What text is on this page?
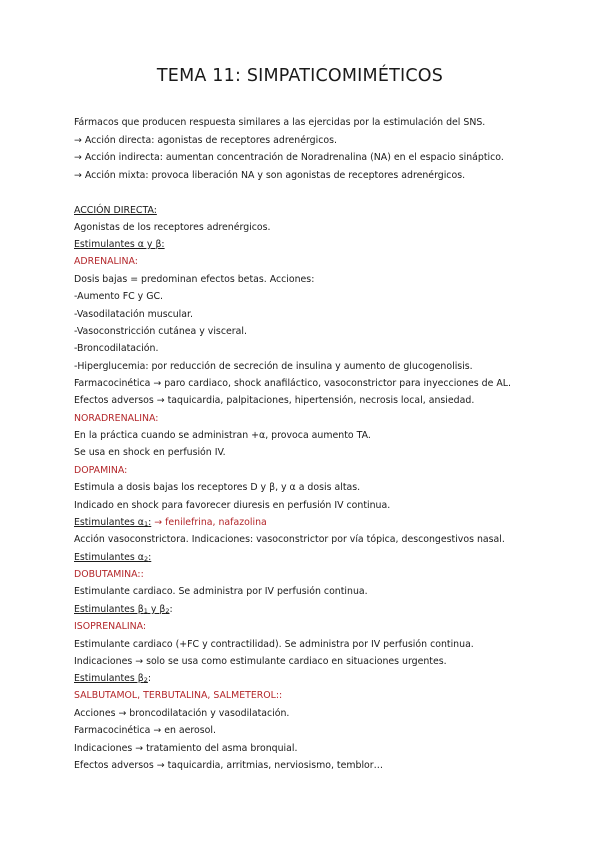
TEMA 11: SIMPATICOMIMÉTICOS
Fármacos que producen respuesta similares a las ejercidas por la estimulación del SNS.
→ Acción directa: agonistas de receptores adrenérgicos.
→ Acción indirecta: aumentan concentración de Noradrenalina (NA) en el espacio sináptico.
→ Acción mixta: provoca liberación NA y son agonistas de receptores adrenérgicos.
ACCIÓN DIRECTA:
Agonistas de los receptores adrenérgicos.
Estimulantes α y β:
ADRENALINA:
Dosis bajas = predominan efectos betas. Acciones:
-Aumento FC y GC.
-Vasodilatación muscular.
-Vasoconstricción cutánea y visceral.
-Broncodilatación.
-Hiperglucemia: por reducción de secreción de insulina y aumento de glucogenolisis.
Farmacocinética → paro cardiaco, shock anafiláctico, vasoconstrictor para inyecciones de AL.
Efectos adversos → taquicardia, palpitaciones, hipertensión, necrosis local, ansiedad.
NORADRENALINA:
En la práctica cuando se administran +α, provoca aumento TA.
Se usa en shock en perfusión IV.
DOPAMINA:
Estimula a dosis bajas los receptores D y β, y α a dosis altas.
Indicado en shock para favorecer diuresis en perfusión IV continua.
Estimulantes $\alpha_1$: → fenilefrina, nafazolina
Acción vasoconstrictora. Indicaciones: vasoconstrictor por vía tópica, descongestivos nasal.
Estimulantes $\alpha_2$:
DOBUTAMINA::
Estimulante cardiaco. Se administra por IV perfusión continua.
Estimulantes $\beta_1$ y $\beta_2$:
ISOPRENALINA:
Estimulante cardiaco (+FC y contractilidad). Se administra por IV perfusión continua.
Indicaciones → solo se usa como estimulante cardiaco en situaciones urgentes.
Estimulantes $\beta_2$:
SALBUTAMOL, TERBUTALINA, SALMETEROL::
Acciones → broncodilatación y vasodilatación.
Farmacocinética → en aerosol.
Indicaciones → tratamiento del asma bronquial.
Efectos adversos → taquicardia, arritmias, nerviosismo, temblor…
